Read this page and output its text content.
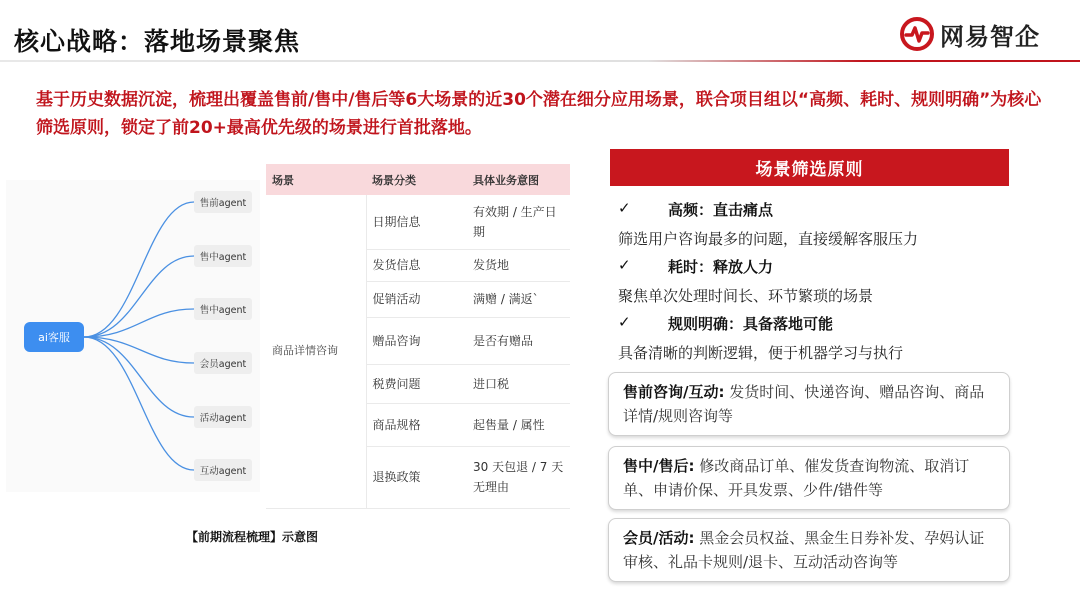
核心战略：落地场景聚焦	网易智企
基于历史数据沉淀，梳理出覆盖售前/售中/售后等6大场景的近30个潜在细分应用场景，联合项目组以“高频、耗时、规则明确”为核心筛选原则，锁定了前20+最高优先级的场景进行首批落地。
ai客服
售前agent
售中agent
售中agent
会员agent
活动agent
互动agent
【前期流程梳理】示意图
场景	场景分类	具体业务意图
商品详情咨询	日期信息	有效期 / 生产日期
	发货信息	发货地
	促销活动	满赠 / 满返`
	赠品咨询	是否有赠品
	税费问题	进口税
	商品规格	起售量 / 属性
	退换政策	30 天包退 / 7 天无理由
场景筛选原则
✓	高频：直击痛点
筛选用户咨询最多的问题，直接缓解客服压力
✓	耗时：释放人力
聚焦单次处理时间长、环节繁琐的场景
✓	规则明确：具备落地可能
具备清晰的判断逻辑，便于机器学习与执行
售前咨询/互动: 发货时间、快递咨询、赠品咨询、商品详情/规则咨询等
售中/售后: 修改商品订单、催发货查询物流、取消订单、申请价保、开具发票、少件/错件等
会员/活动: 黑金会员权益、黑金生日券补发、孕妈认证审核、礼品卡规则/退卡、互动活动咨询等
